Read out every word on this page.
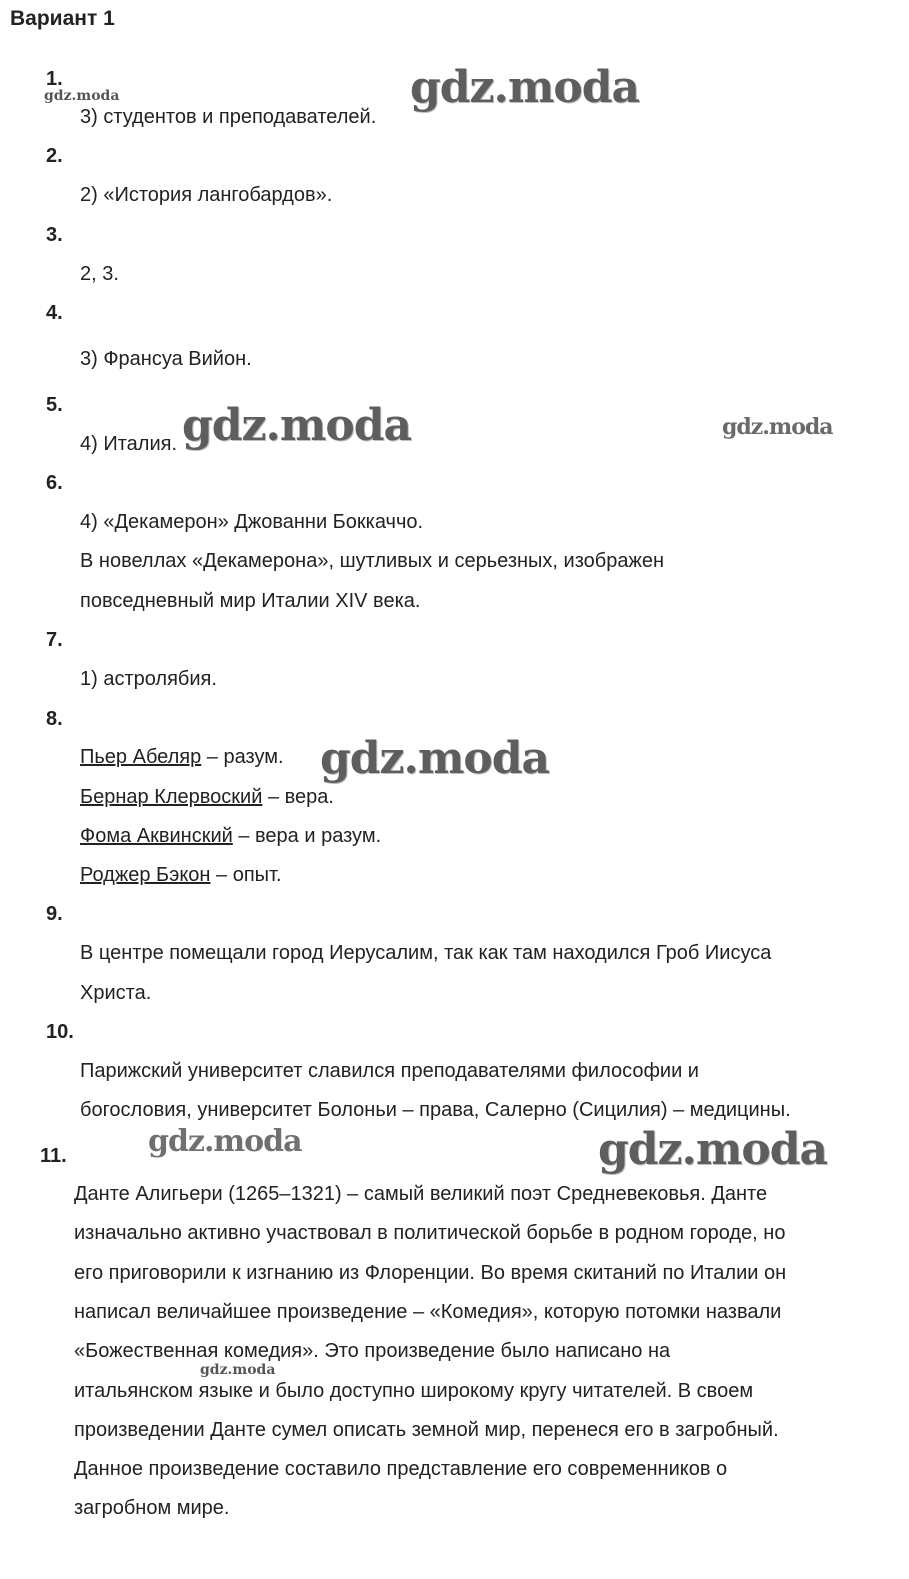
Вариант 1
1.
3) студентов и преподавателей.
2.
2) «История лангобардов».
3.
2, 3.
4.
3) Франсуа Вийон.
5.
4) Италия.
6.
4) «Декамерон» Джованни Боккаччо.
В новеллах «Декамерона», шутливых и серьезных, изображен
повседневный мир Италии XIV века.
7.
1) астролябия.
8.
Пьер Абеляр – разум.
Бернар Клервоский – вера.
Фома Аквинский – вера и разум.
Роджер Бэкон – опыт.
9.
В центре помещали город Иерусалим, так как там находился Гроб Иисуса
Христа.
10.
Парижский университет славился преподавателями философии и
богословия, университет Болоньи – права, Салерно (Сицилия) – медицины.
11.
Данте Алигьери (1265–1321) – самый великий поэт Средневековья. Данте
изначально активно участвовал в политической борьбе в родном городе, но
его приговорили к изгнанию из Флоренции. Во время скитаний по Италии он
написал величайшее произведение – «Комедия», которую потомки назвали
«Божественная комедия». Это произведение было написано на
итальянском языке и было доступно широкому кругу читателей. В своем
произведении Данте сумел описать земной мир, перенеся его в загробный.
Данное произведение составило представление его современников о
загробном мире.
gdz.moda	gdz.moda
gdz.moda	gdz.moda
gdz.moda
gdz.moda	gdz.moda
gdz.moda
